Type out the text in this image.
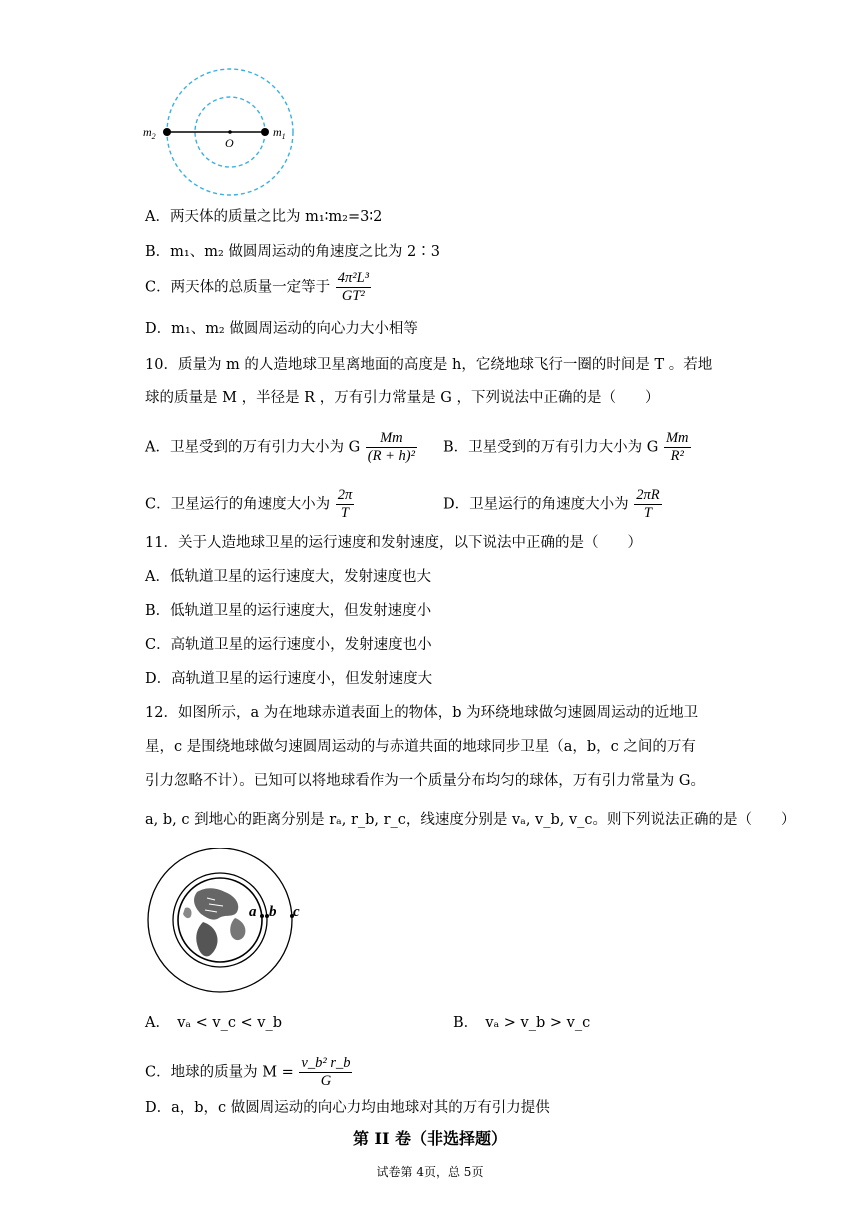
$m_2$	$m_1$
O
A．两天体的质量之比为 m₁∶m₂=3∶2
B．m₁、m₂ 做圆周运动的角速度之比为 2∶3
C．两天体的总质量一定等于 $\frac{\text{4π²L³}}{\text{GT²}}$
D．m₁、m₂ 做圆周运动的向心力大小相等
10．质量为 m 的人造地球卫星离地面的高度是 h，它绕地球飞行一圈的时间是 T 。若地
球的质量是 M ，半径是 R ，万有引力常量是 G ，下列说法中正确的是（　　）
A．卫星受到的万有引力大小为 G $\frac{Mm}{\text{(R + h)²}}$ B．卫星受到的万有引力大小为 G $\frac{Mm}{\text{R²}}$
C．卫星运行的角速度大小为 $\frac{2\pi}{T}$	D．卫星运行的角速度大小为 $\frac{2\pi R}{T}$
11．关于人造地球卫星的运行速度和发射速度，以下说法中正确的是（　　）
A．低轨道卫星的运行速度大，发射速度也大
B．低轨道卫星的运行速度大，但发射速度小
C．高轨道卫星的运行速度小，发射速度也小
D．高轨道卫星的运行速度小，但发射速度大
12．如图所示，a 为在地球赤道表面上的物体，b 为环绕地球做匀速圆周运动的近地卫
星，c 是围绕地球做匀速圆周运动的与赤道共面的地球同步卫星（a，b，c 之间的万有
引力忽略不计）。已知可以将地球看作为一个质量分布均匀的球体，万有引力常量为 G。
a, b, c 到地心的距离分别是 rₐ, r_b, r_c，线速度分别是 vₐ, v_b, v_c。则下列说法正确的是（　　）
a b c
A．　vₐ < v_c < v_b	B．　vₐ > v_b > v_c
C．地球的质量为 $M = \frac{\text{v\_b² r\_b}}{G}$
D．a，b，c 做圆周运动的向心力均由地球对其的万有引力提供
第 II 卷（非选择题）
试卷第 4页，总 5页
